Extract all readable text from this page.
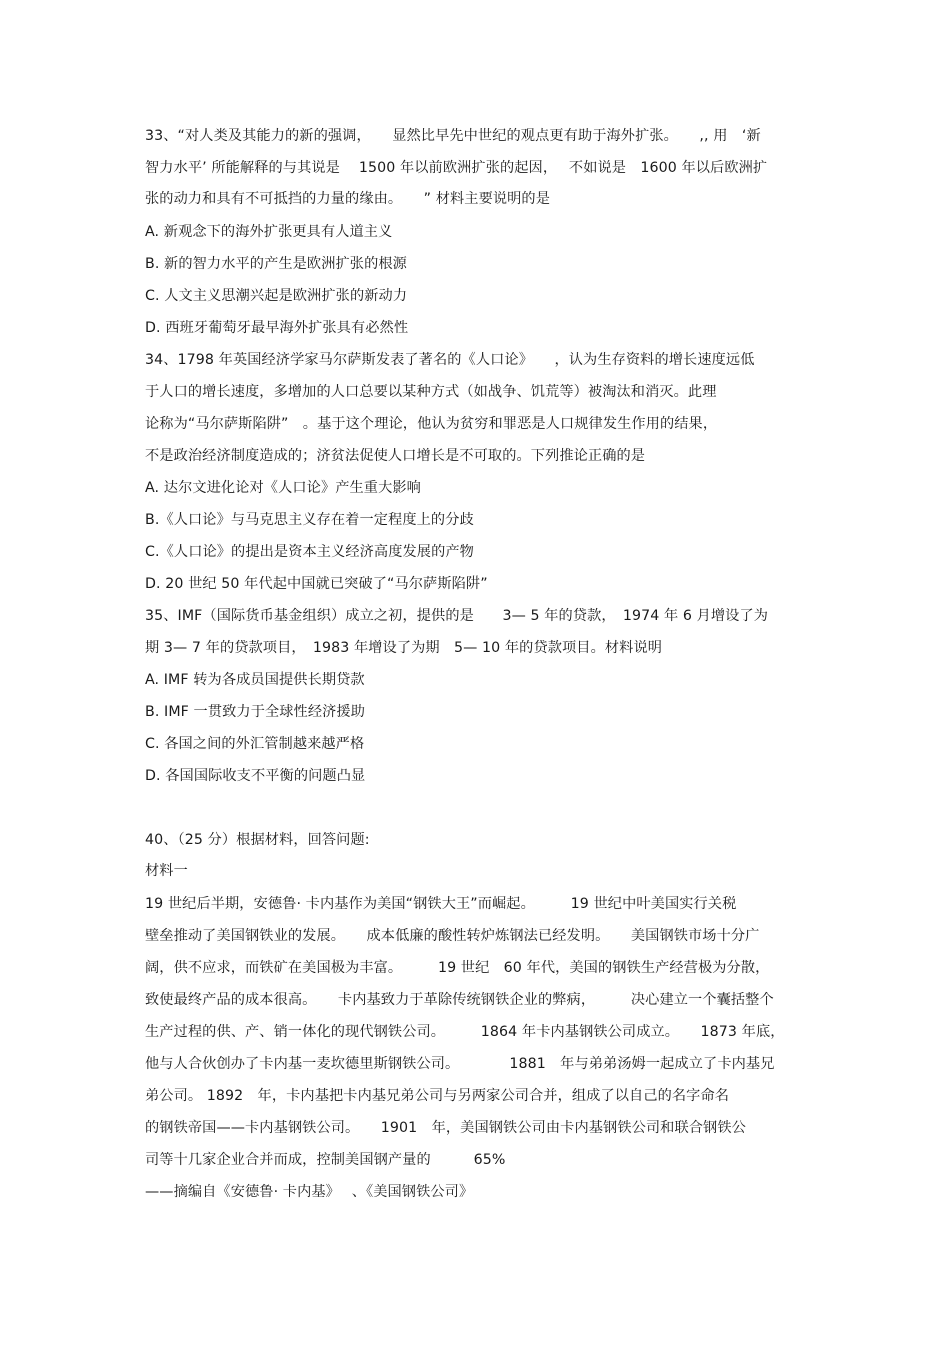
33、“对人类及其能力的新的强调，　　显然比早先中世纪的观点更有助于海外扩张。　　,, 用　‘新
智力水平’ 所能解释的与其说是　 1500 年以前欧洲扩张的起因，　 不如说是　1600 年以后欧洲扩
张的动力和具有不可抵挡的力量的缘由。　　” 材料主要说明的是
A. 新观念下的海外扩张更具有人道主义
B. 新的智力水平的产生是欧洲扩张的根源
C. 人文主义思潮兴起是欧洲扩张的新动力
D. 西班牙葡萄牙最早海外扩张具有必然性
34、1798 年英国经济学家马尔萨斯发表了著名的《人口论》　　，认为生存资料的增长速度远低
于人口的增长速度，多增加的人口总要以某种方式（如战争、饥荒等）被淘汰和消灭。此理
论称为“马尔萨斯陷阱”　。基于这个理论，他认为贫穷和罪恶是人口规律发生作用的结果，
不是政治经济制度造成的；济贫法促使人口增长是不可取的。下列推论正确的是
A. 达尔文进化论对《人口论》产生重大影响
B.《人口论》与马克思主义存在着一定程度上的分歧
C.《人口论》的提出是资本主义经济高度发展的产物
D. 20 世纪 50 年代起中国就已突破了“马尔萨斯陷阱”
35、IMF（国际货币基金组织）成立之初，提供的是　　3— 5 年的贷款，　1974 年 6 月增设了为
期 3— 7 年的贷款项目，　1983 年增设了为期　5— 10 年的贷款项目。材料说明
A. IMF 转为各成员国提供长期贷款
B. IMF 一贯致力于全球性经济援助
C. 各国之间的外汇管制越来越严格
D. 各国国际收支不平衡的问题凸显
40、（25 分）根据材料，回答问题:
材料一
19 世纪后半期，安德鲁· 卡内基作为美国“钢铁大王”而崛起。　　　19 世纪中叶美国实行关税
壁垒推动了美国钢铁业的发展。　　成本低廉的酸性转炉炼钢法已经发明。　　美国钢铁市场十分广
阔，供不应求，而铁矿在美国极为丰富。　　　19 世纪　60 年代，美国的钢铁生产经营极为分散，
致使最终产品的成本很高。　　卡内基致力于革除传统钢铁企业的弊病，　　　决心建立一个囊括整个
生产过程的供、产、销一体化的现代钢铁公司。　　　1864 年卡内基钢铁公司成立。　　1873 年底，
他与人合伙创办了卡内基一麦坎德里斯钢铁公司。　　　　1881　年与弟弟汤姆一起成立了卡内基兄
弟公司。 1892　年，卡内基把卡内基兄弟公司与另两家公司合并，组成了以自己的名字命名
的钢铁帝国——卡内基钢铁公司。　　1901　年，美国钢铁公司由卡内基钢铁公司和联合钢铁公
司等十几家企业合并而成，控制美国钢产量的　　　65%
——摘编自《安德鲁· 卡内基》　 、《美国钢铁公司》
